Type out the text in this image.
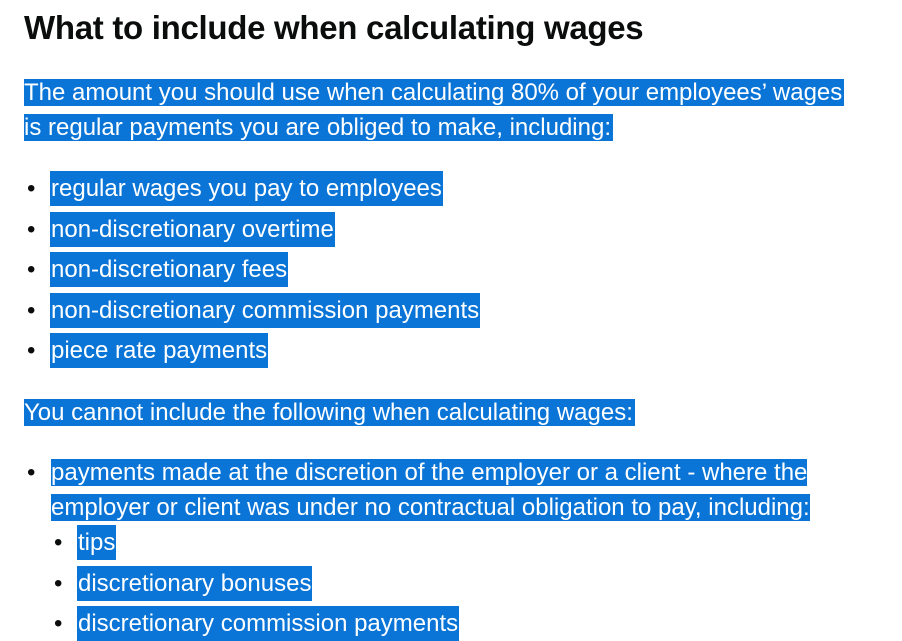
What to include when calculating wages

The amount you should use when calculating 80% of your employees’ wages
is regular payments you are obliged to make, including:

• regular wages you pay to employees
• non-discretionary overtime
• non-discretionary fees
• non-discretionary commission payments
• piece rate payments

You cannot include the following when calculating wages:

• payments made at the discretion of the employer or a client - where the
employer or client was under no contractual obligation to pay, including:
• tips
• discretionary bonuses
• discretionary commission payments
